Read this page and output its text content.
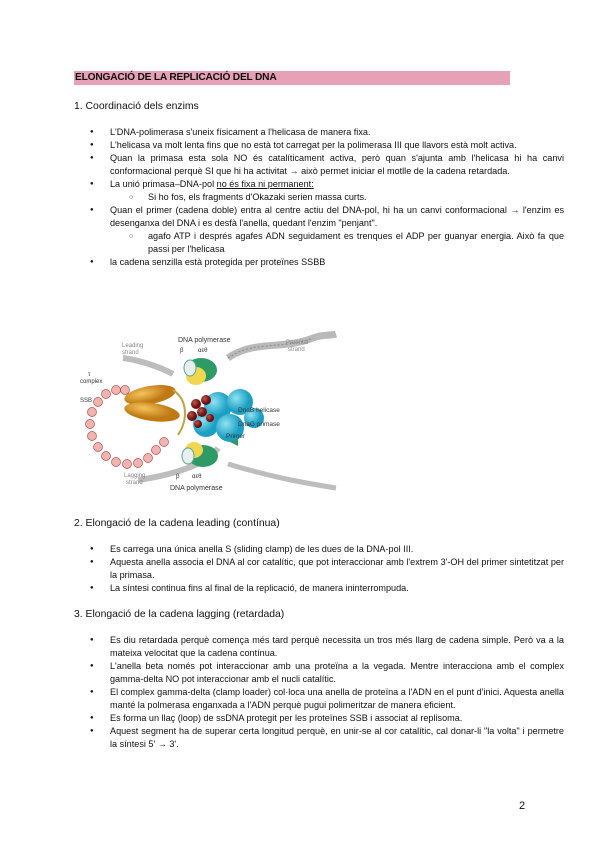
ELONGACIÓ DE LA REPLICACIÓ DEL DNA
1. Coordinació dels enzims
● L'DNA-polimerasa s'uneix físicament a l'helicasa de manera fixa.
● L'helicasa va molt lenta fins que no està tot carregat per la polimerasa III que llavors està molt activa.
● Quan la primasa esta sola NO és catalíticament activa, però quan s'ajunta amb l'helicasa hi ha canvi conformacional perquè SI que hi ha activitat → això permet iniciar el motlle de la cadena retardada.
● La unió primasa–DNA-pol no és fixa ni permanent:
○ Si ho fos, els fragments d'Okazaki serien massa curts.
● Quan el primer (cadena doble) entra al centre actiu del DNA-pol, hi ha un canvi conformacional → l'enzim es desenganxa del DNA i es desfà l'anella, quedant l'enzim "penjant".
○ agafo ATP i després agafes ADN seguidament es trenques el ADP per guanyar energia. Això fa que passi per l'helicasa
● la cadena senzilla està protegida per proteïnes SSBB
DNA polymerase
β αεθ
Leading
strand
Parental
strand
τ
complex
SSB
DnaB helicase
DnaG primase
Primer
Lagging
strand
β αεθ
DNA polymerase
2. Elongació de la cadena leading (contínua)
● Es carrega una única anella S (sliding clamp) de les dues de la DNA-pol III.
● Aquesta anella associa el DNA al cor catalític, que pot interaccionar amb l'extrem 3'-OH del primer sintetitzat per la primasa.
● La síntesi continua fins al final de la replicació, de manera ininterrompuda.
3. Elongació de la cadena lagging (retardada)
● Es diu retardada perquè comença més tard perquè necessita un tros més llarg de cadena simple. Però va a la mateixa velocitat que la cadena contínua.
● L'anella beta només pot interaccionar amb una proteïna a la vegada. Mentre interacciona amb el complex gamma-delta NO pot interaccionar amb el nucli catalític.
● El complex gamma-delta (clamp loader) col·loca una anella de proteïna a l'ADN en el punt d'inici. Aquesta anella manté la polmerasa enganxada a l'ADN perquè pugui polimeritzar de manera eficient.
● Es forma un llaç (loop) de ssDNA protegit per les proteïnes SSB i associat al replisoma.
● Aquest segment ha de superar certa longitud perquè, en unir-se al cor catalític, cal donar-li "la volta" i permetre la síntesi 5' → 3'.
2
